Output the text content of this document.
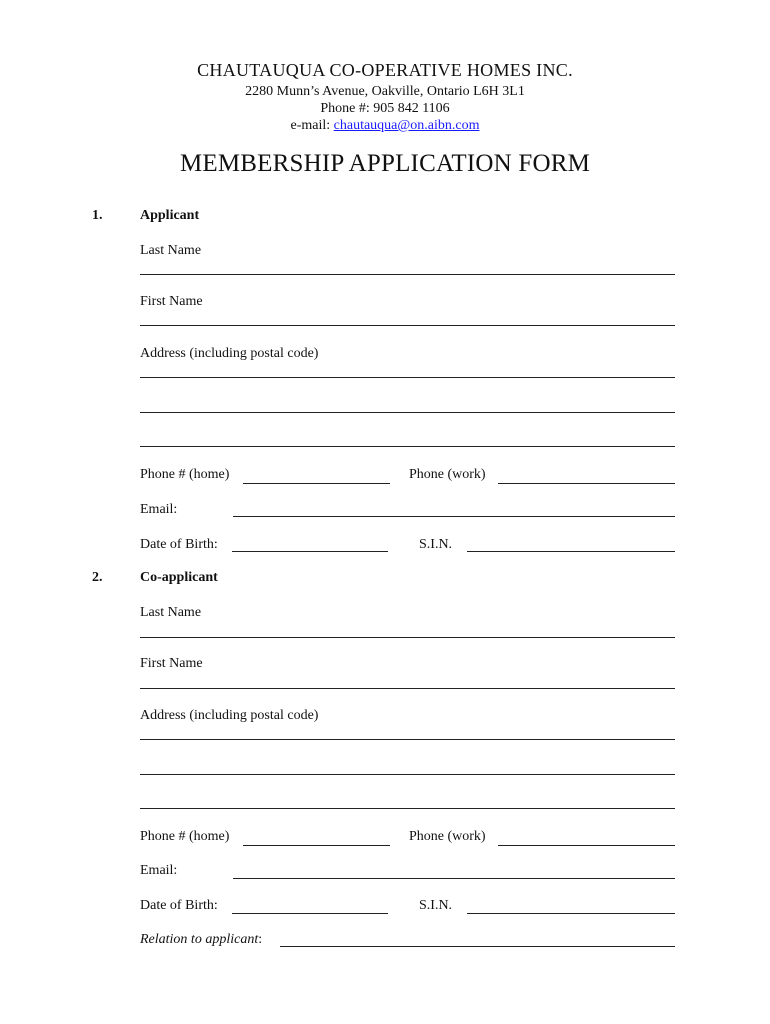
CHAUTAUQUA CO-OPERATIVE HOMES INC.
2280 Munn’s Avenue, Oakville, Ontario L6H 3L1
Phone #: 905 842 1106
e-mail: chautauqua@on.aibn.com
MEMBERSHIP APPLICATION FORM
1.	Applicant
Last Name
First Name
Address (including postal code)
Phone # (home)	Phone (work)
Email:
Date of Birth:	S.I.N.
2.	Co-applicant
Last Name
First Name
Address (including postal code)
Phone # (home)	Phone (work)
Email:
Date of Birth:	S.I.N.
Relation to applicant:
